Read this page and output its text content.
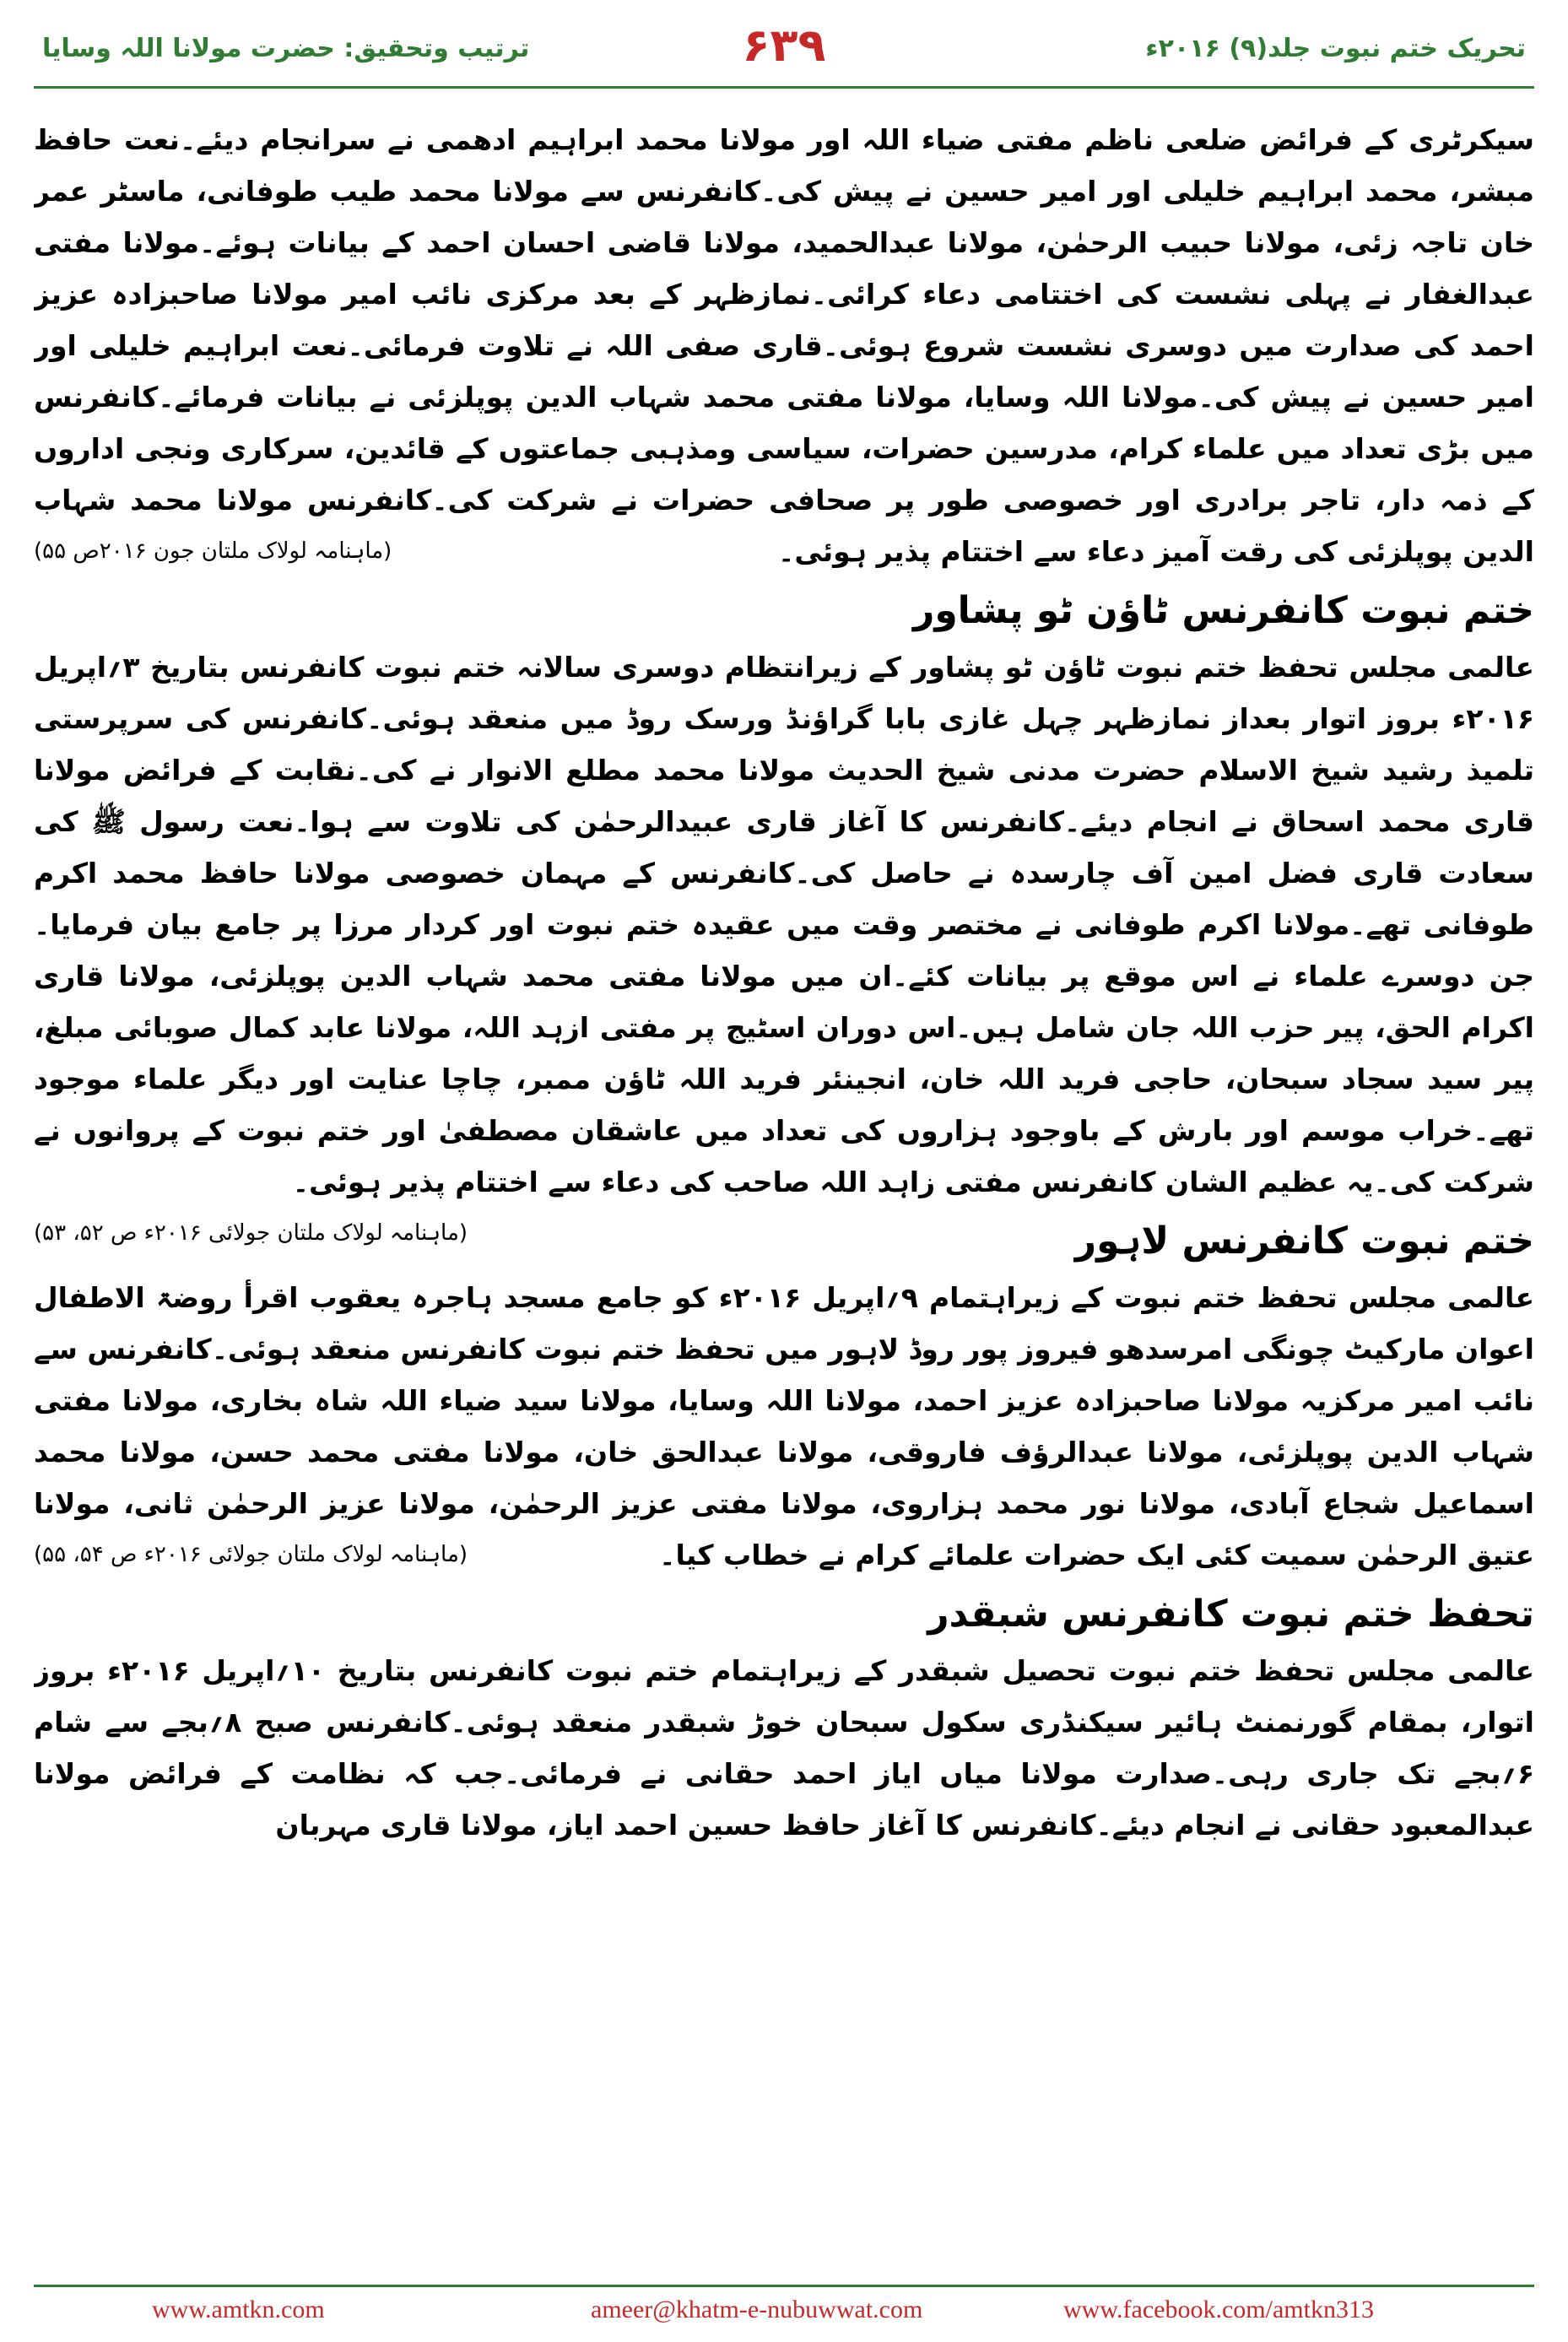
ترتیب وتحقیق: حضرت مولانا اللہ وسایا	۶۳۹	تحریک ختم نبوت جلد(۹) ۲۰۱۶ء
سیکرٹری کے فرائض ضلعی ناظم مفتی ضیاء اللہ اور مولانا محمد ابراہیم ادھمی نے سرانجام دیئے۔نعت حافظ مبشر، محمد ابراہیم خلیلی اور امیر حسین نے پیش کی۔کانفرنس سے مولانا محمد طیب طوفانی، ماسٹر عمر خان تاجہ زئی، مولانا حبیب الرحمٰن، مولانا عبدالحمید، مولانا قاضی احسان احمد کے بیانات ہوئے۔مولانا مفتی عبدالغفار نے پہلی نشست کی اختتامی دعاء کرائی۔نمازظہر کے بعد مرکزی نائب امیر مولانا صاحبزادہ عزیز احمد کی صدارت میں دوسری نشست شروع ہوئی۔قاری صفی اللہ نے تلاوت فرمائی۔نعت ابراہیم خلیلی اور امیر حسین نے پیش کی۔مولانا اللہ وسایا، مولانا مفتی محمد شہاب الدین پوپلزئی نے بیانات فرمائے۔کانفرنس میں بڑی تعداد میں علماء کرام، مدرسین حضرات، سیاسی ومذہبی جماعتوں کے قائدین، سرکاری ونجی اداروں کے ذمہ دار، تاجر برادری اور خصوصی طور پر صحافی حضرات نے شرکت کی۔کانفرنس مولانا محمد شہاب الدین پوپلزئی کی رقت آمیز دعاء سے اختتام پذیر ہوئی۔
(ماہنامہ لولاک ملتان جون ۲۰۱۶ص ۵۵)
ختم نبوت کانفرنس ٹاؤن ٹو پشاور
عالمی مجلس تحفظ ختم نبوت ٹاؤن ٹو پشاور کے زیرانتظام دوسری سالانہ ختم نبوت کانفرنس بتاریخ ۳؍اپریل ۲۰۱۶ء بروز اتوار بعداز نمازظہر چہل غازی بابا گراؤنڈ ورسک روڈ میں منعقد ہوئی۔کانفرنس کی سرپرستی تلمیذ رشید شیخ الاسلام حضرت مدنی شیخ الحدیث مولانا محمد مطلع الانوار نے کی۔نقابت کے فرائض مولانا قاری محمد اسحاق نے انجام دیئے۔کانفرنس کا آغاز قاری عبیدالرحمٰن کی تلاوت سے ہوا۔نعت رسول ﷺ کی سعادت قاری فضل امین آف چارسدہ نے حاصل کی۔کانفرنس کے مہمان خصوصی مولانا حافظ محمد اکرم طوفانی تھے۔مولانا اکرم طوفانی نے مختصر وقت میں عقیدہ ختم نبوت اور کردار مرزا پر جامع بیان فرمایا۔جن دوسرے علماء نے اس موقع پر بیانات کئے۔ان میں مولانا مفتی محمد شہاب الدین پوپلزئی، مولانا قاری اکرام الحق، پیر حزب اللہ جان شامل ہیں۔اس دوران اسٹیج پر مفتی ازہد اللہ، مولانا عابد کمال صوبائی مبلغ، پیر سید سجاد سبحان، حاجی فرید اللہ خان، انجینئر فرید اللہ ٹاؤن ممبر، چاچا عنایت اور دیگر علماء موجود تھے۔خراب موسم اور بارش کے باوجود ہزاروں کی تعداد میں عاشقان مصطفیٰ اور ختم نبوت کے پروانوں نے شرکت کی۔یہ عظیم الشان کانفرنس مفتی زاہد اللہ صاحب کی دعاء سے اختتام پذیر ہوئی۔
(ماہنامہ لولاک ملتان جولائی ۲۰۱۶ء ص ۵۲، ۵۳)	ختم نبوت کانفرنس لاہور
عالمی مجلس تحفظ ختم نبوت کے زیراہتمام ۹؍اپریل ۲۰۱۶ء کو جامع مسجد ہاجرہ یعقوب اقرأ روضۃ الاطفال اعوان مارکیٹ چونگی امرسدھو فیروز پور روڈ لاہور میں تحفظ ختم نبوت کانفرنس منعقد ہوئی۔کانفرنس سے نائب امیر مرکزیہ مولانا صاحبزادہ عزیز احمد، مولانا اللہ وسایا، مولانا سید ضیاء اللہ شاہ بخاری، مولانا مفتی شہاب الدین پوپلزئی، مولانا عبدالرؤف فاروقی، مولانا عبدالحق خان، مولانا مفتی محمد حسن، مولانا محمد اسماعیل شجاع آبادی، مولانا نور محمد ہزاروی، مولانا مفتی عزیز الرحمٰن، مولانا عزیز الرحمٰن ثانی، مولانا عتیق الرحمٰن سمیت کئی ایک حضرات علمائے کرام نے خطاب کیا۔
(ماہنامہ لولاک ملتان جولائی ۲۰۱۶ء ص ۵۴، ۵۵)
تحفظ ختم نبوت کانفرنس شبقدر
عالمی مجلس تحفظ ختم نبوت تحصیل شبقدر کے زیراہتمام ختم نبوت کانفرنس بتاریخ ۱۰؍اپریل ۲۰۱۶ء بروز اتوار، بمقام گورنمنٹ ہائیر سیکنڈری سکول سبحان خوڑ شبقدر منعقد ہوئی۔کانفرنس صبح ۸؍بجے سے شام ۶؍بجے تک جاری رہی۔صدارت مولانا میاں ایاز احمد حقانی نے فرمائی۔جب کہ نظامت کے فرائض مولانا عبدالمعبود حقانی نے انجام دیئے۔کانفرنس کا آغاز حافظ حسین احمد ایاز، مولانا قاری مہربان
www.amtkn.com	ameer@khatm-e-nubuwwat.com	www.facebook.com/amtkn313
